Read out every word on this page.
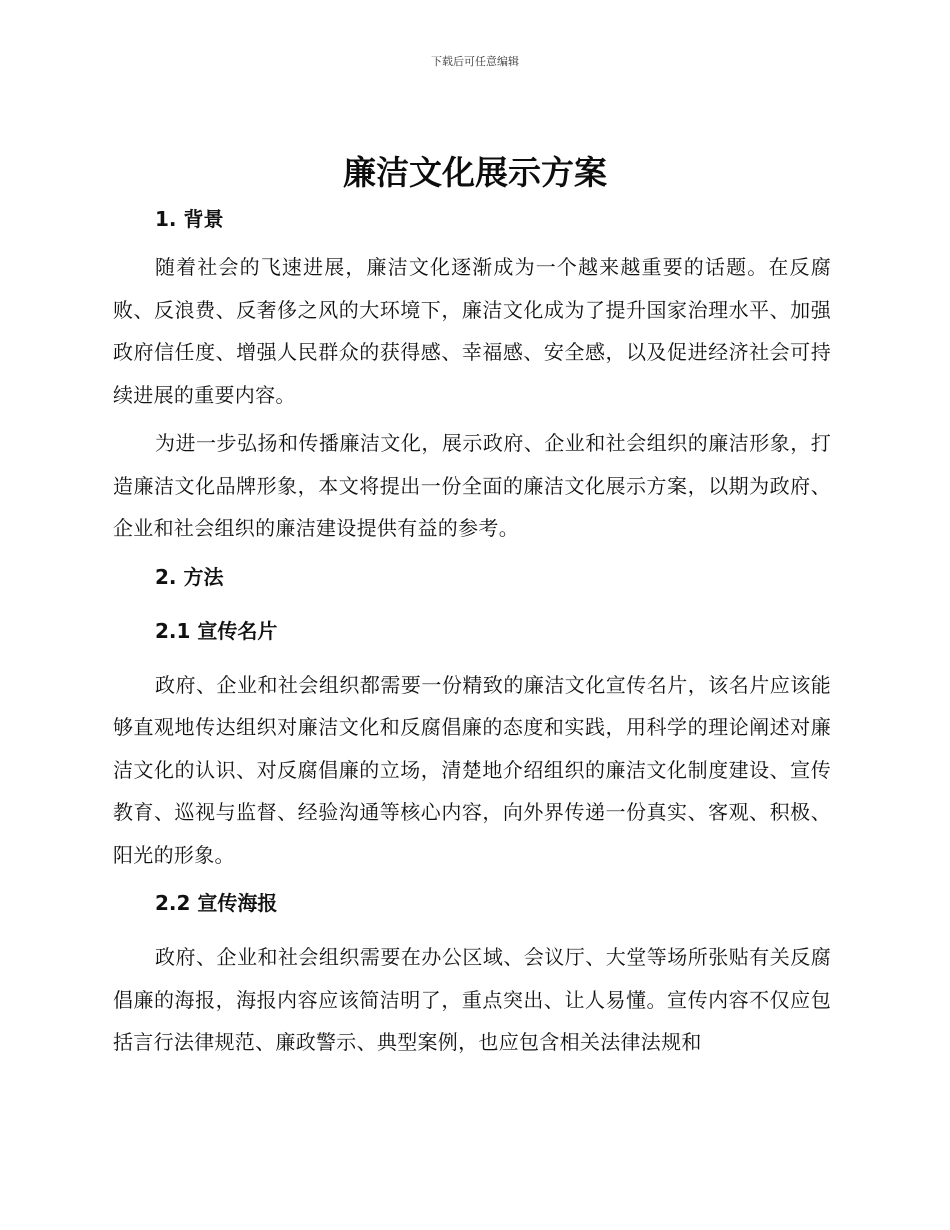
下载后可任意编辑
廉洁文化展示方案
1. 背景

随着社会的飞速进展，廉洁文化逐渐成为一个越来越重要的话题。在反腐败、反浪费、反奢侈之风的大环境下，廉洁文化成为了提升国家治理水平、加强政府信任度、增强人民群众的获得感、幸福感、安全感，以及促进经济社会可持续进展的重要内容。

为进一步弘扬和传播廉洁文化，展示政府、企业和社会组织的廉洁形象，打造廉洁文化品牌形象，本文将提出一份全面的廉洁文化展示方案，以期为政府、企业和社会组织的廉洁建设提供有益的参考。

2. 方法
2.1 宣传名片

政府、企业和社会组织都需要一份精致的廉洁文化宣传名片，该名片应该能够直观地传达组织对廉洁文化和反腐倡廉的态度和实践，用科学的理论阐述对廉洁文化的认识、对反腐倡廉的立场，清楚地介绍组织的廉洁文化制度建设、宣传教育、巡视与监督、经验沟通等核心内容，向外界传递一份真实、客观、积极、阳光的形象。

2.2 宣传海报

政府、企业和社会组织需要在办公区域、会议厅、大堂等场所张贴有关反腐倡廉的海报，海报内容应该简洁明了，重点突出、让人易懂。宣传内容不仅应包括言行法律规范、廉政警示、典型案例，也应包含相关法律法规和
